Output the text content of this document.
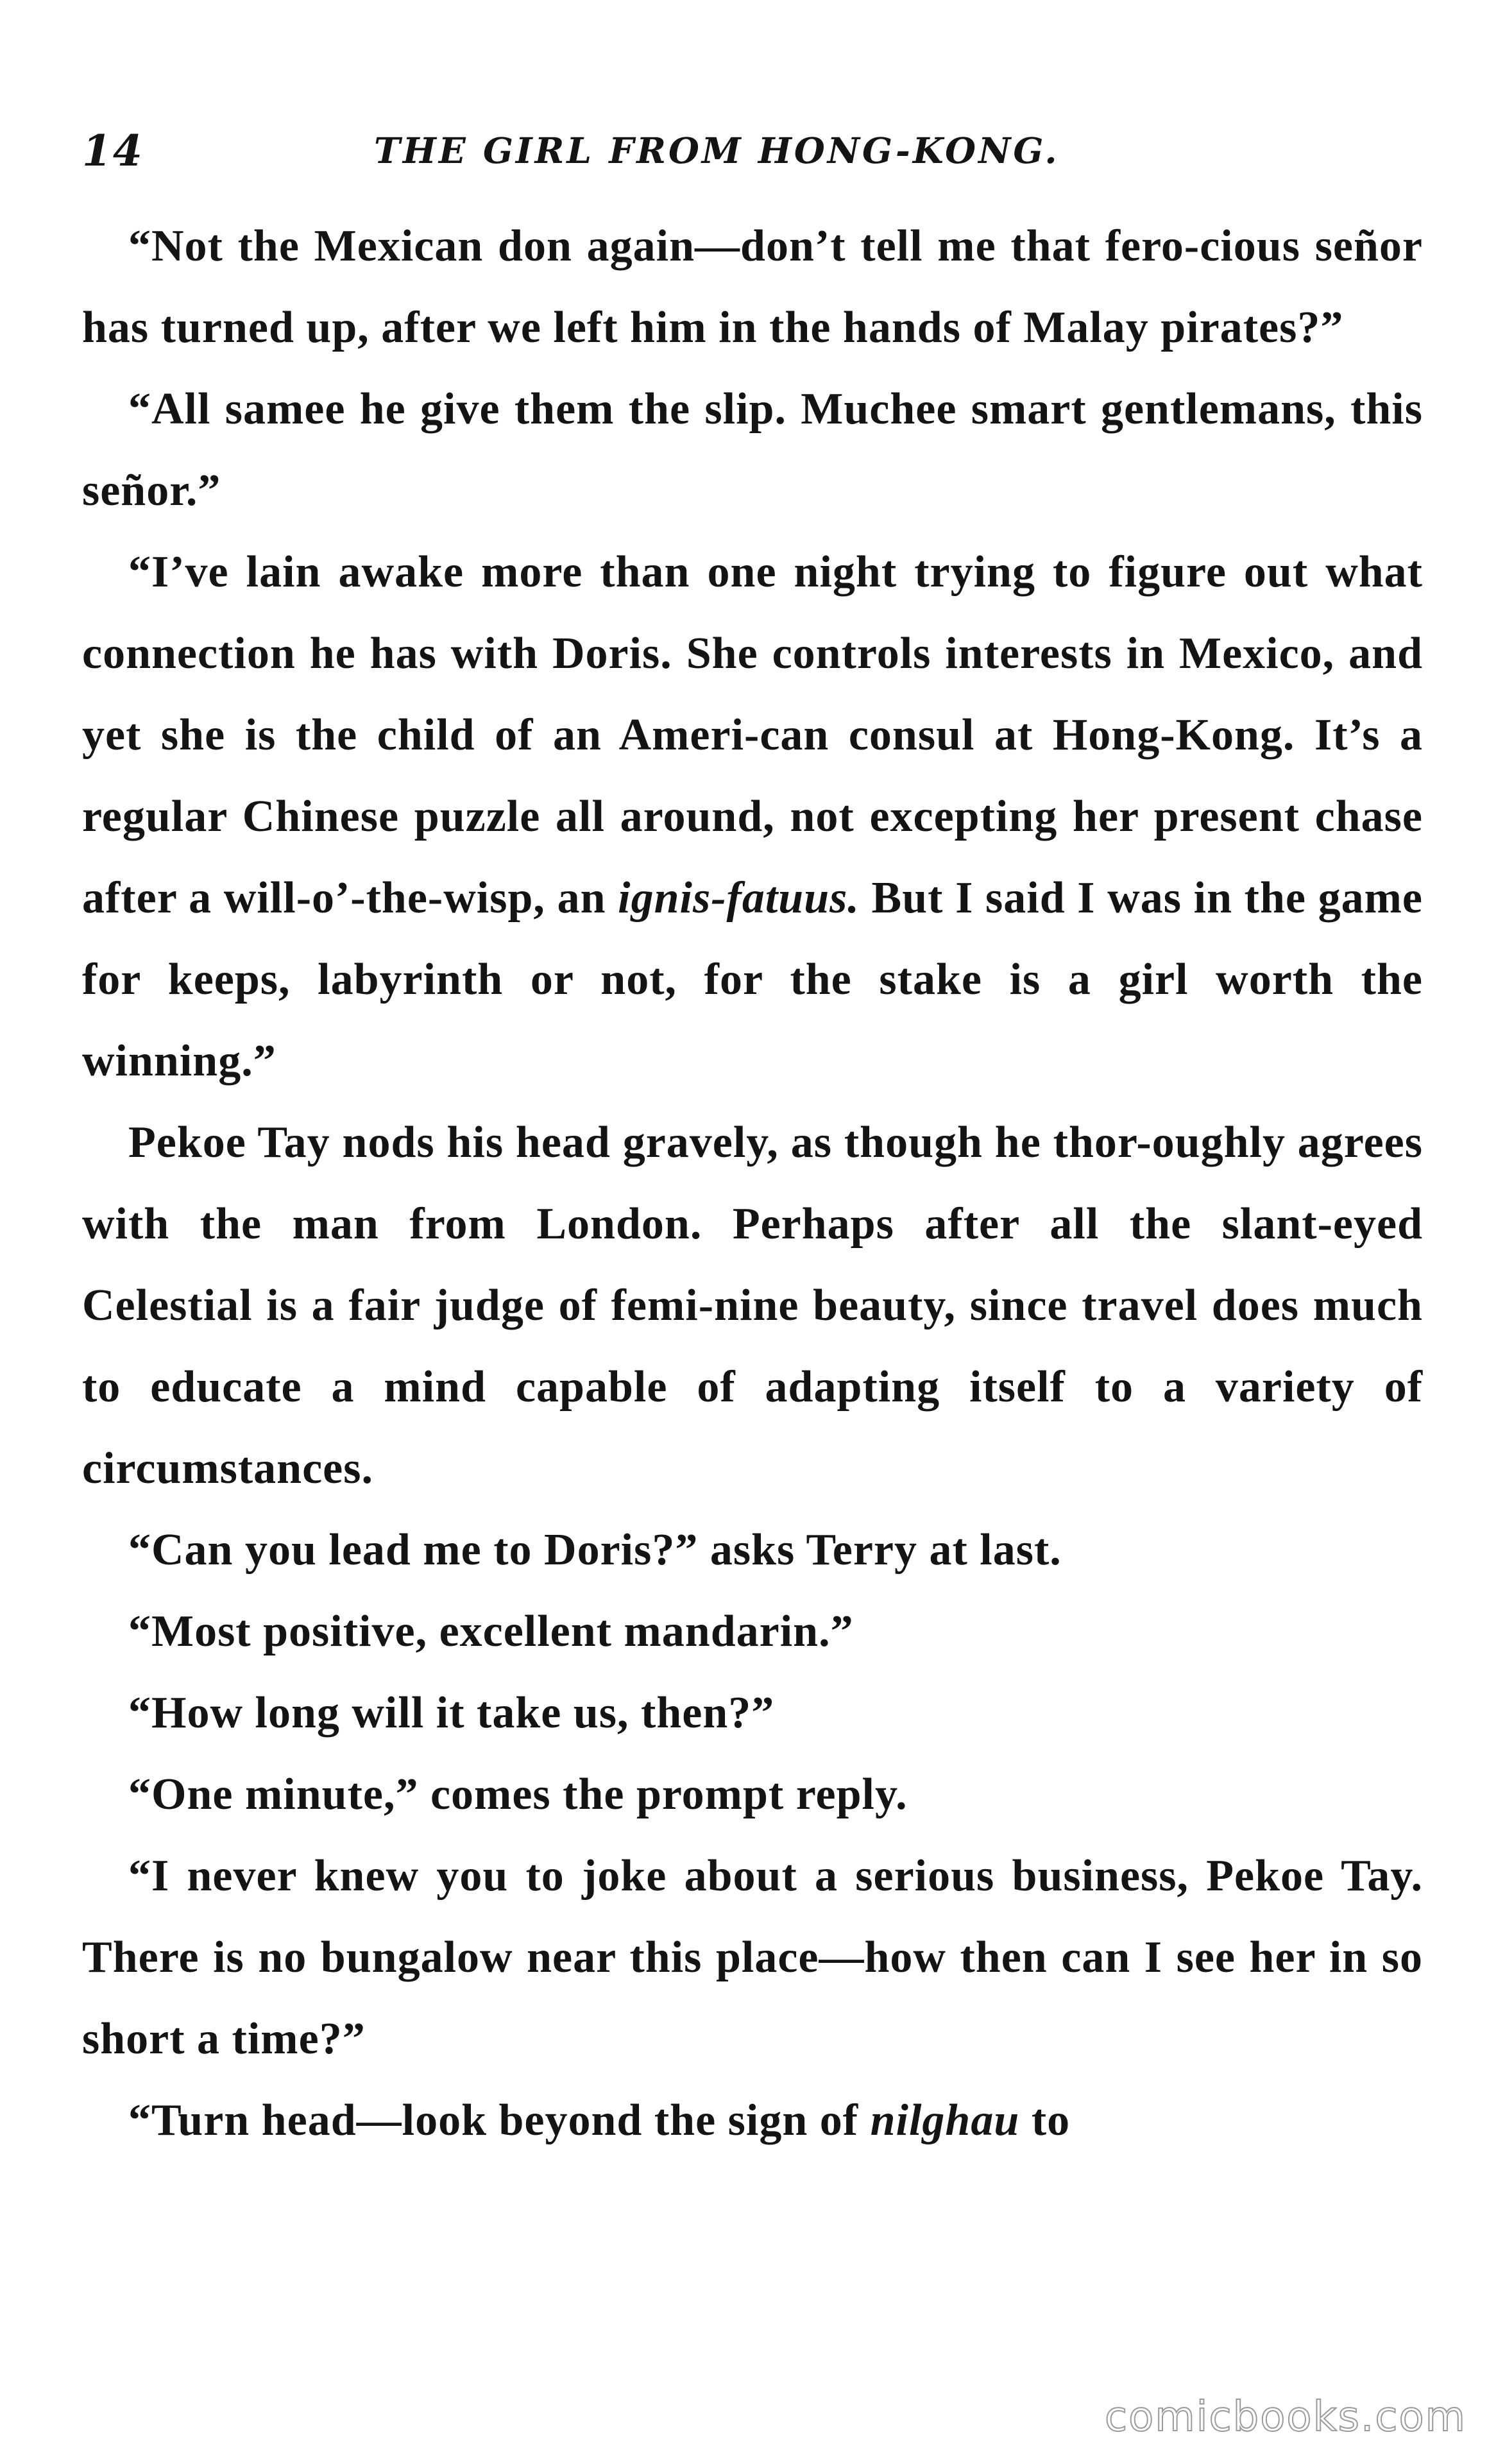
14	THE GIRL FROM HONG-KONG.

“Not the Mexican don again—don’t tell me that fero-cious señor has turned up, after we left him in the hands of Malay pirates?”

“All samee he give them the slip. Muchee smart gentlemans, this señor.”

“I’ve lain awake more than one night trying to figure out what connection he has with Doris. She controls interests in Mexico, and yet she is the child of an Ameri-can consul at Hong-Kong. It’s a regular Chinese puzzle all around, not excepting her present chase after a will-o’-the-wisp, an ignis-fatuus. But I said I was in the game for keeps, labyrinth or not, for the stake is a girl worth the winning.”

Pekoe Tay nods his head gravely, as though he thor-oughly agrees with the man from London. Perhaps after all the slant-eyed Celestial is a fair judge of femi-nine beauty, since travel does much to educate a mind capable of adapting itself to a variety of circumstances.

“Can you lead me to Doris?” asks Terry at last.

“Most positive, excellent mandarin.”

“How long will it take us, then?”

“One minute,” comes the prompt reply.

“I never knew you to joke about a serious business, Pekoe Tay. There is no bungalow near this place—how then can I see her in so short a time?”

“Turn head—look beyond the sign of nilghau to

comicbooks.com
